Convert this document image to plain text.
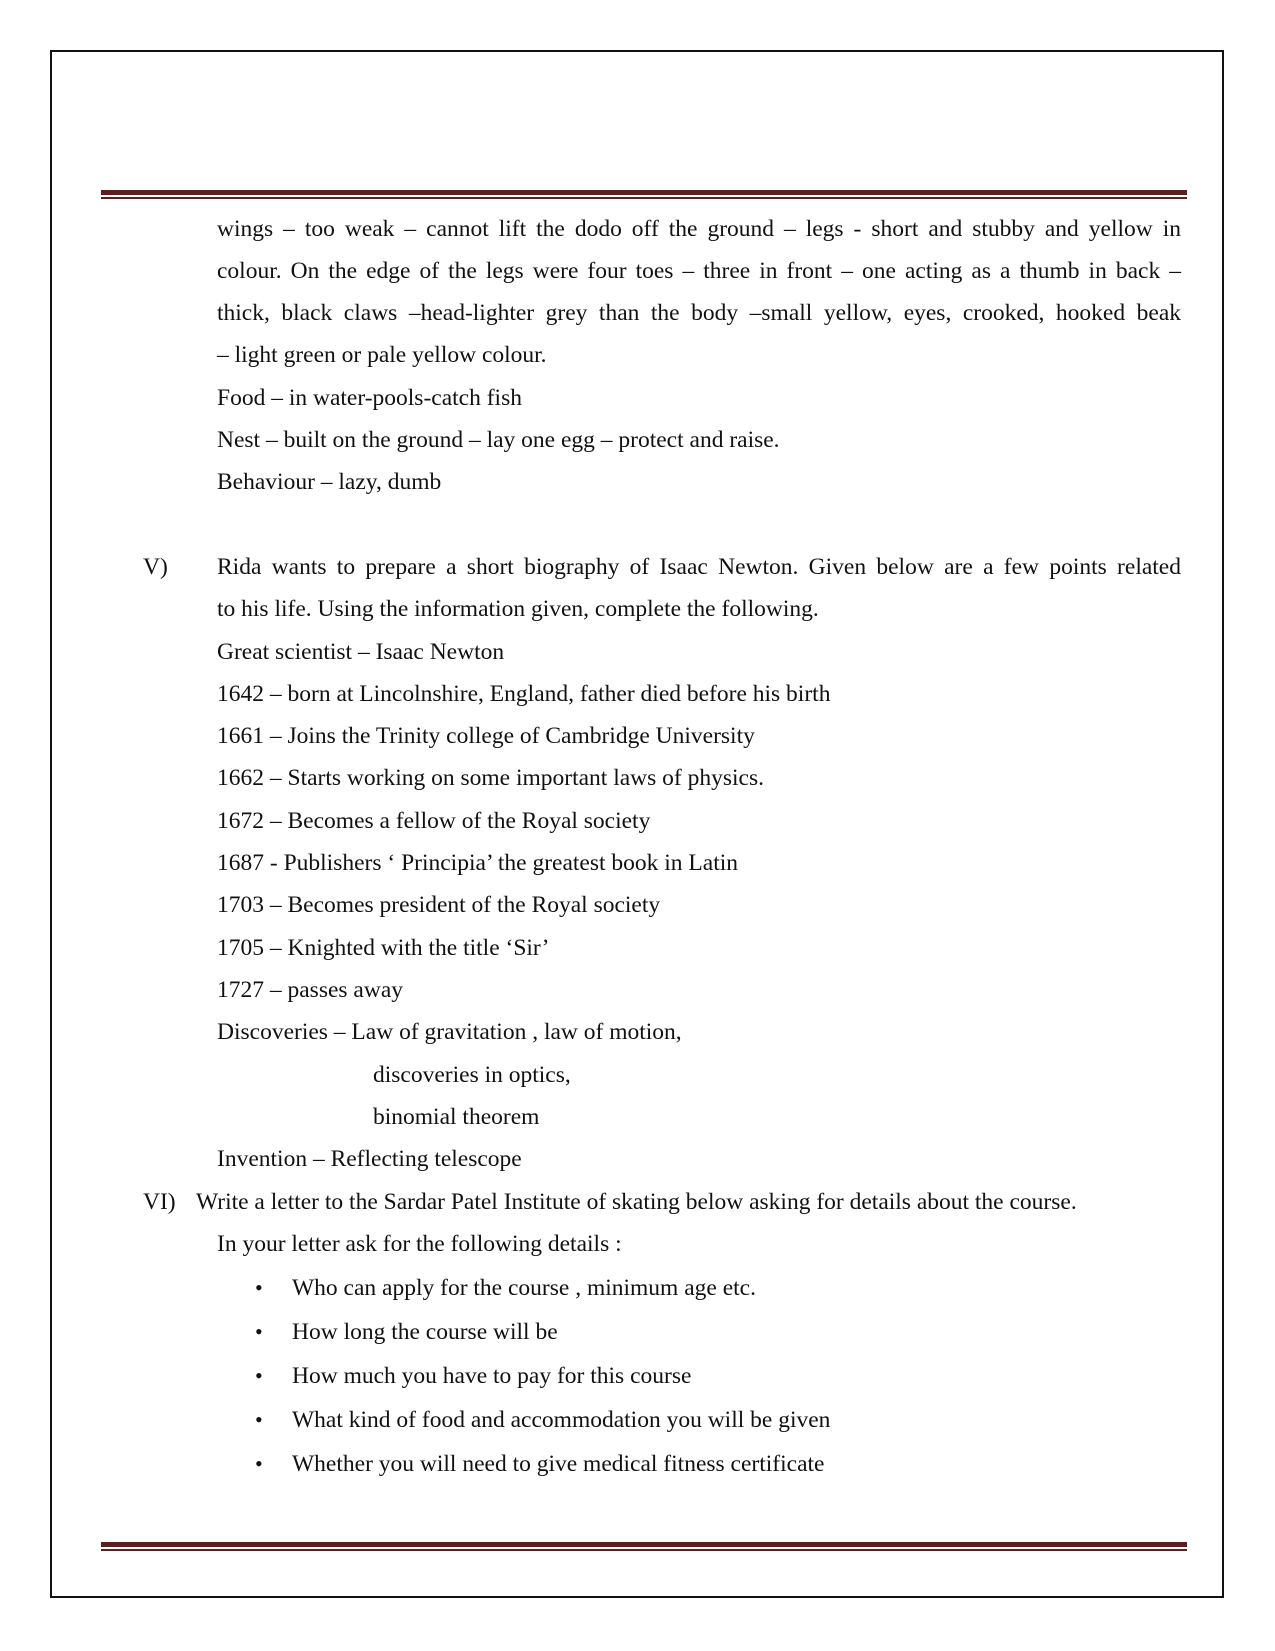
wings – too weak – cannot lift the dodo off the ground – legs - short and stubby and yellow in
colour. On the edge of the legs were four toes – three in front – one acting as a thumb in back –
thick, black claws –head-lighter grey than the body –small yellow, eyes, crooked, hooked beak
– light green or pale yellow colour.
Food – in water-pools-catch fish
Nest – built on the ground – lay one egg – protect and raise.
Behaviour – lazy, dumb
V) Rida wants to prepare a short biography of Isaac Newton. Given below are a few points related
to his life. Using the information given, complete the following.
Great scientist – Isaac Newton
1642 – born at Lincolnshire, England, father died before his birth
1661 – Joins the Trinity college of Cambridge University
1662 – Starts working on some important laws of physics.
1672 – Becomes a fellow of the Royal society
1687 - Publishers ‘ Principia’ the greatest book in Latin
1703 – Becomes president of the Royal society
1705 – Knighted with the title ‘Sir’
1727 – passes away
Discoveries – Law of gravitation , law of motion,
discoveries in optics,
binomial theorem
Invention – Reflecting telescope
VI) Write a letter to the Sardar Patel Institute of skating below asking for details about the course.
In your letter ask for the following details :
• Who can apply for the course , minimum age etc.
• How long the course will be
• How much you have to pay for this course
• What kind of food and accommodation you will be given
• Whether you will need to give medical fitness certificate
